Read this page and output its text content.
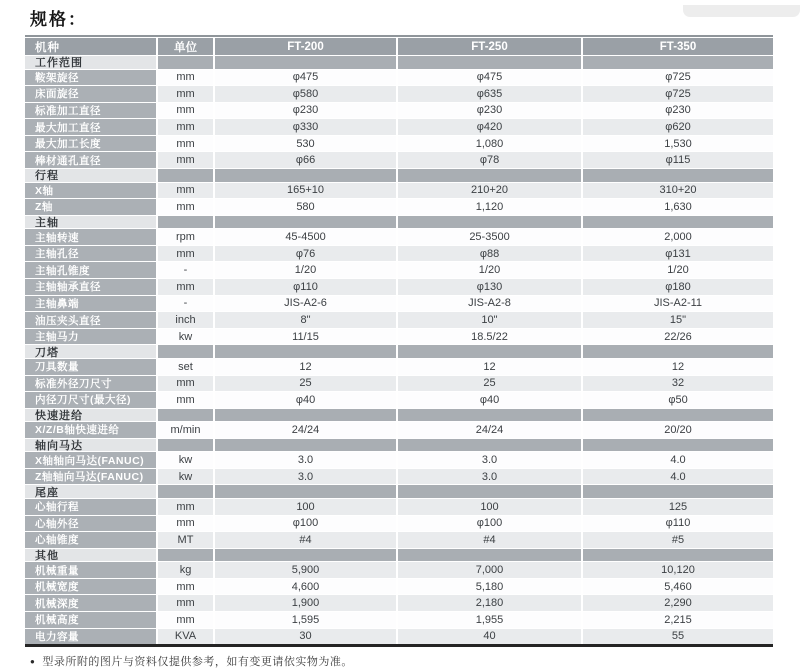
规格：
机种	单位	FT-200	FT-250	FT-350
工作范围
鞍架旋径	mm	φ475	φ475	φ725
床面旋径	mm	φ580	φ635	φ725
标准加工直径	mm	φ230	φ230	φ230
最大加工直径	mm	φ330	φ420	φ620
最大加工长度	mm	530	1,080	1,530
棒材通孔直径	mm	φ66	φ78	φ115
行程
X轴	mm	165+10	210+20	310+20
Z轴	mm	580	1,120	1,630
主轴
主轴转速	rpm	45-4500	25-3500	2,000
主轴孔径	mm	φ76	φ88	φ131
主轴孔锥度	-	1/20	1/20	1/20
主轴轴承直径	mm	φ110	φ130	φ180
主轴鼻端	-	JIS-A2-6	JIS-A2-8	JIS-A2-11
油压夹头直径	inch	8"	10"	15"
主轴马力	kw	11/15	18.5/22	22/26
刀塔
刀具数量	set	12	12	12
标准外径刀尺寸	mm	25	25	32
内径刀尺寸(最大径)	mm	φ40	φ40	φ50
快速进给
X/Z/B轴快速进给	m/min	24/24	24/24	20/20
轴向马达
X轴轴向马达(FANUC)	kw	3.0	3.0	4.0
Z轴轴向马达(FANUC)	kw	3.0	3.0	4.0
尾座
心轴行程	mm	100	100	125
心轴外径	mm	φ100	φ100	φ110
心轴锥度	MT	#4	#4	#5
其他
机械重量	kg	5,900	7,000	10,120
机械宽度	mm	4,600	5,180	5,460
机械深度	mm	1,900	2,180	2,290
机械高度	mm	1,595	1,955	2,215
电力容量	KVA	30	40	55
● 型录所附的图片与资料仅提供参考，如有变更请依实物为准。
